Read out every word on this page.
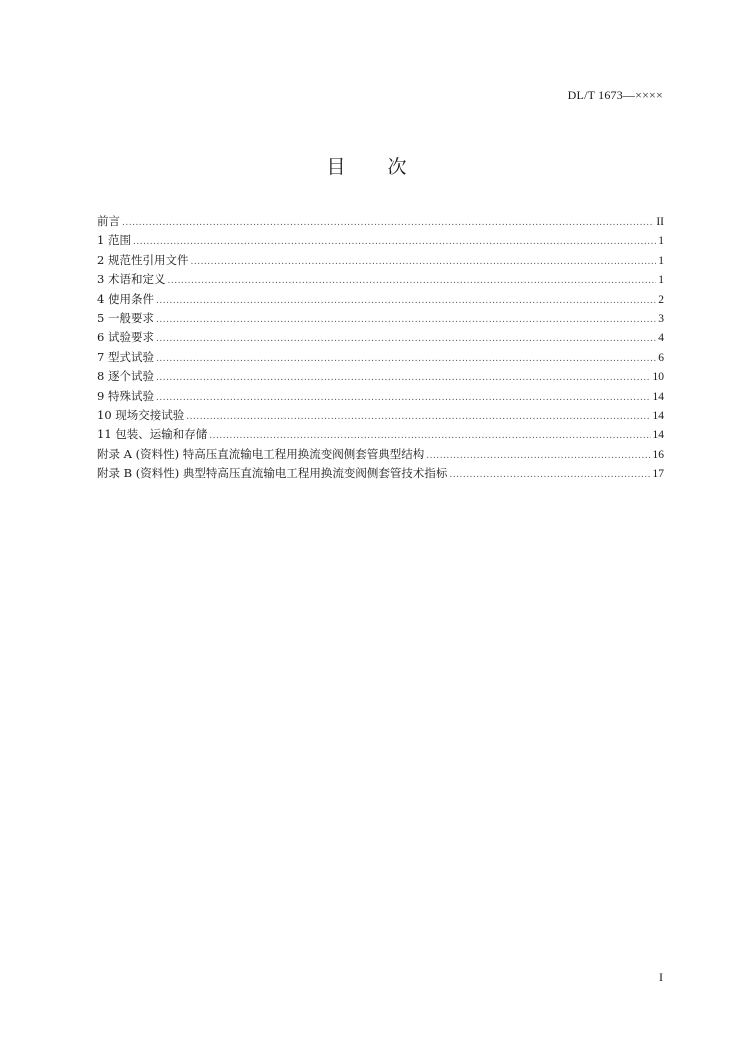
DL/T 1673—××××
目 次
前言 .....	II
1 范围 .....	1
2 规范性引用文件 .....	1
3 术语和定义 .....	1
4 使用条件 .....	2
5 一般要求 .....	3
6 试验要求 .....	4
7 型式试验 .....	6
8 逐个试验 .....	10
9 特殊试验 .....	14
10 现场交接试验 .....	14
11 包装、运输和存储 .....	14
附录 A (资料性) 特高压直流输电工程用换流变阀侧套管典型结构 .....	16
附录 B (资料性) 典型特高压直流输电工程用换流变阀侧套管技术指标 .....	17
I
